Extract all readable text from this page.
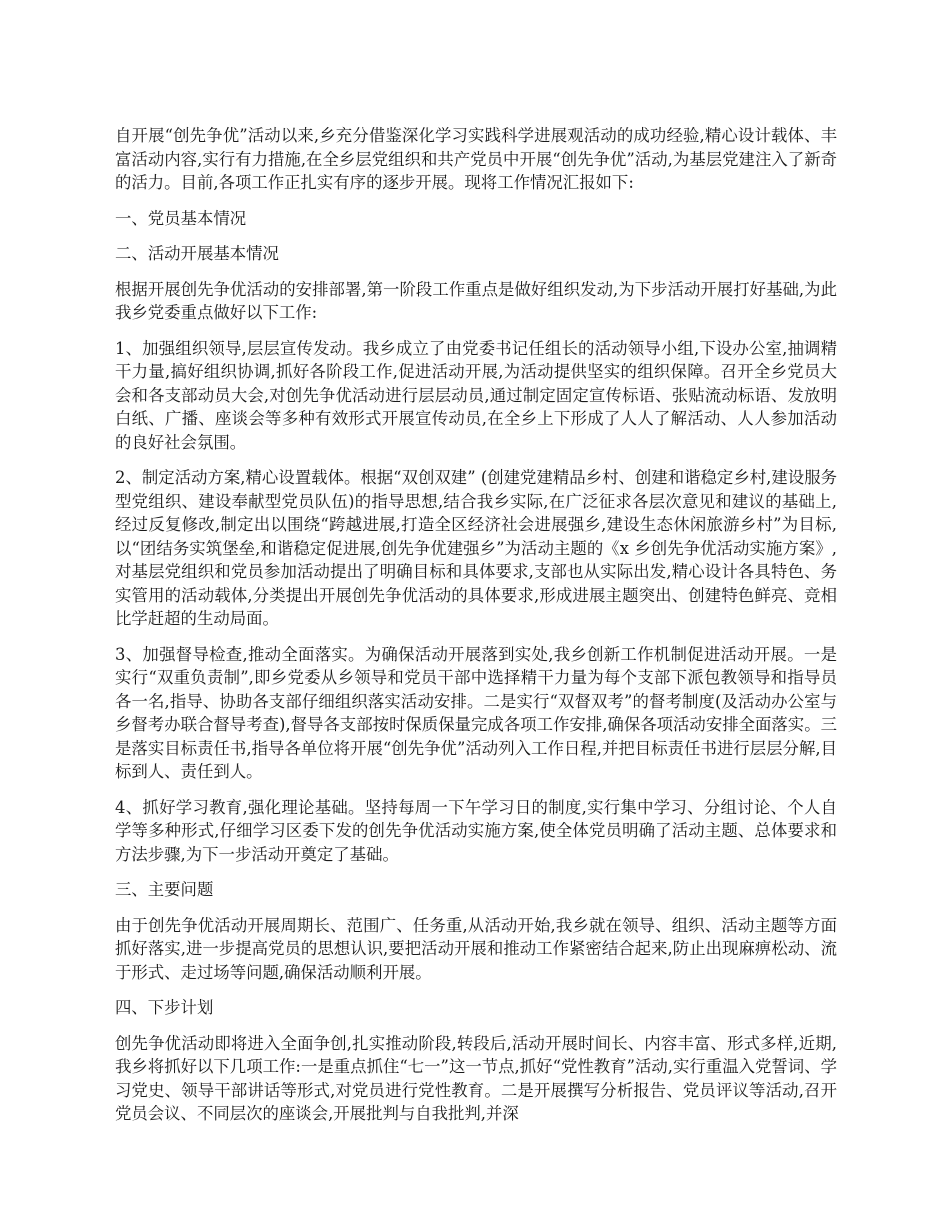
自开展“创先争优”活动以来,乡充分借鉴深化学习实践科学进展观活动的成功经验,精心设计载体、丰富活动内容,实行有力措施,在全乡层党组织和共产党员中开展“创先争优”活动,为基层党建注入了新奇的活力。目前,各项工作正扎实有序的逐步开展。现将工作情况汇报如下:

一、党员基本情况

二、活动开展基本情况

根据开展创先争优活动的安排部署,第一阶段工作重点是做好组织发动,为下步活动开展打好基础,为此我乡党委重点做好以下工作:

1、加强组织领导,层层宣传发动。我乡成立了由党委书记任组长的活动领导小组,下设办公室,抽调精干力量,搞好组织协调,抓好各阶段工作,促进活动开展,为活动提供坚实的组织保障。召开全乡党员大会和各支部动员大会,对创先争优活动进行层层动员,通过制定固定宣传标语、张贴流动标语、发放明白纸、广播、座谈会等多种有效形式开展宣传动员,在全乡上下形成了人人了解活动、人人参加活动的良好社会氛围。

2、制定活动方案,精心设置载体。根据“双创双建” (创建党建精品乡村、创建和谐稳定乡村,建设服务型党组织、建设奉献型党员队伍)的指导思想,结合我乡实际,在广泛征求各层次意见和建议的基础上,经过反复修改,制定出以围绕“跨越进展,打造全区经济社会进展强乡,建设生态休闲旅游乡村”为目标,以“团结务实筑堡垒,和谐稳定促进展,创先争优建强乡”为活动主题的《x 乡创先争优活动实施方案》,对基层党组织和党员参加活动提出了明确目标和具体要求,支部也从实际出发,精心设计各具特色、务实管用的活动载体,分类提出开展创先争优活动的具体要求,形成进展主题突出、创建特色鲜亮、竞相比学赶超的生动局面。

3、加强督导检查,推动全面落实。为确保活动开展落到实处,我乡创新工作机制促进活动开展。一是实行“双重负责制”,即乡党委从乡领导和党员干部中选择精干力量为每个支部下派包教领导和指导员各一名,指导、协助各支部仔细组织落实活动安排。二是实行“双督双考”的督考制度(及活动办公室与乡督考办联合督导考查),督导各支部按时保质保量完成各项工作安排,确保各项活动安排全面落实。三是落实目标责任书,指导各单位将开展“创先争优”活动列入工作日程,并把目标责任书进行层层分解,目标到人、责任到人。

4、抓好学习教育,强化理论基础。坚持每周一下午学习日的制度,实行集中学习、分组讨论、个人自学等多种形式,仔细学习区委下发的创先争优活动实施方案,使全体党员明确了活动主题、总体要求和方法步骤,为下一步活动开奠定了基础。

三、主要问题

由于创先争优活动开展周期长、范围广、任务重,从活动开始,我乡就在领导、组织、活动主题等方面抓好落实,进一步提高党员的思想认识,要把活动开展和推动工作紧密结合起来,防止出现麻痹松动、流于形式、走过场等问题,确保活动顺利开展。

四、下步计划

创先争优活动即将进入全面争创,扎实推动阶段,转段后,活动开展时间长、内容丰富、形式多样,近期,我乡将抓好以下几项工作:一是重点抓住“七一”这一节点,抓好“党性教育”活动,实行重温入党誓词、学习党史、领导干部讲话等形式,对党员进行党性教育。二是开展撰写分析报告、党员评议等活动,召开党员会议、不同层次的座谈会,开展批判与自我批判,并深
